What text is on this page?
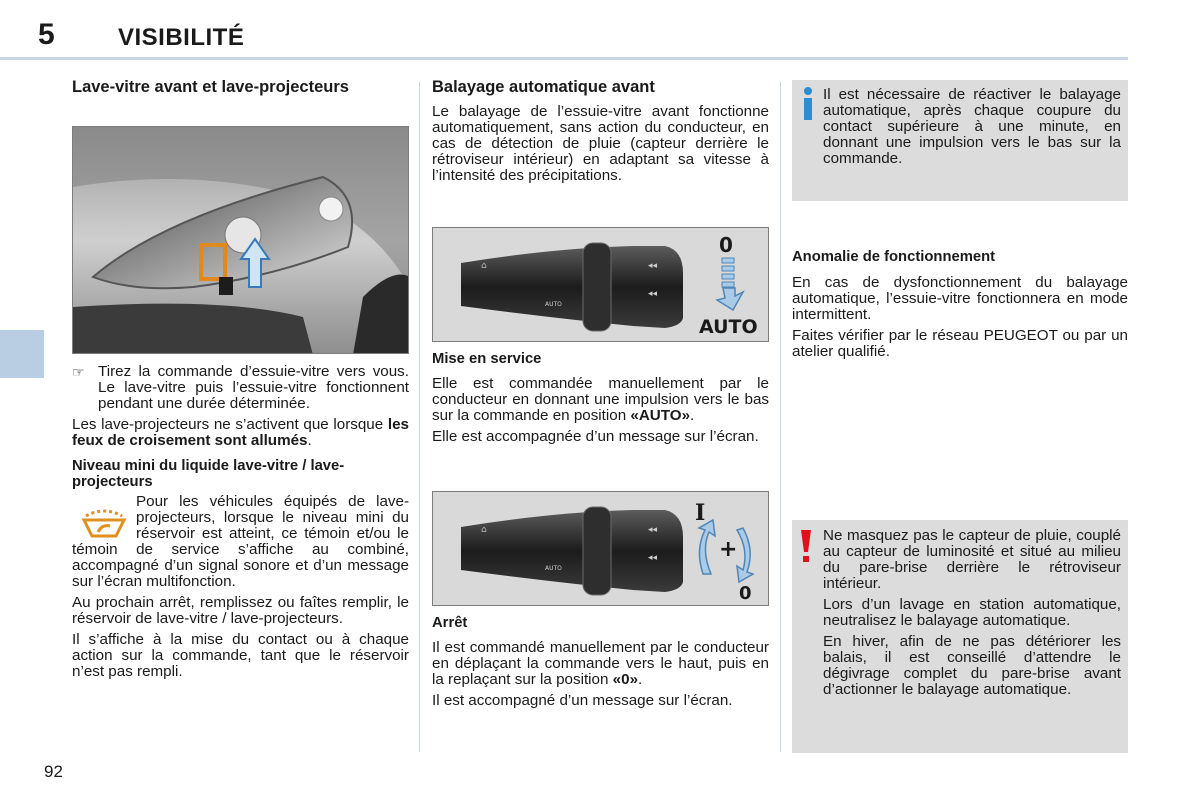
5	VISIBILITÉ
92
Lave-vitre avant et lave-projecteurs
☞ Tirez la commande d’essuie-vitre vers vous. Le lave-vitre puis l’essuie-vitre fonctionnent pendant une durée déterminée.

Les lave-projecteurs ne s’activent que lorsque les feux de croisement sont allumés.

Niveau mini du liquide lave-vitre / lave-projecteurs

Pour les véhicules équipés de lave-projecteurs, lorsque le niveau mini du réservoir est atteint, ce témoin et/ou le témoin de service s’affiche au combiné, accompagné d’un signal sonore et d’un message sur l’écran multifonction.

Au prochain arrêt, remplissez ou faîtes remplir, le réservoir de lave-vitre / lave-projecteurs.

Il s’affiche à la mise du contact ou à chaque action sur la commande, tant que le réservoir n’est pas rempli.

Balayage automatique avant

Le balayage de l’essuie-vitre avant fonctionne automatiquement, sans action du conducteur, en cas de détection de pluie (capteur derrière le rétroviseur intérieur) en adaptant sa vitesse à l’intensité des précipitations.

⌂
AUTO
◂◂
◂◂
0
AUTO
Mise en service

Elle est commandée manuellement par le conducteur en donnant une impulsion vers le bas sur la commande en position «AUTO».

Elle est accompagnée d’un message sur l’écran.

⌂
AUTO
◂◂
◂◂
I
+
0
Arrêt

Il est commandé manuellement par le conducteur en déplaçant la commande vers le haut, puis en la replaçant sur la position «0».

Il est accompagné d’un message sur l’écran.

Il est nécessaire de réactiver le balayage automatique, après chaque coupure du contact supérieure à une minute, en donnant une impulsion vers le bas sur la commande.
Anomalie de fonctionnement

En cas de dysfonctionnement du balayage automatique, l’essuie-vitre fonctionnera en mode intermittent.

Faites vérifier par le réseau PEUGEOT ou par un atelier qualifié.

Ne masquez pas le capteur de pluie, couplé au capteur de luminosité et situé au milieu du pare-brise derrière le rétroviseur intérieur.

Lors d’un lavage en station automatique, neutralisez le balayage automatique.

En hiver, afin de ne pas détériorer les balais, il est conseillé d’attendre le dégivrage complet du pare-brise avant d’actionner le balayage automatique.
